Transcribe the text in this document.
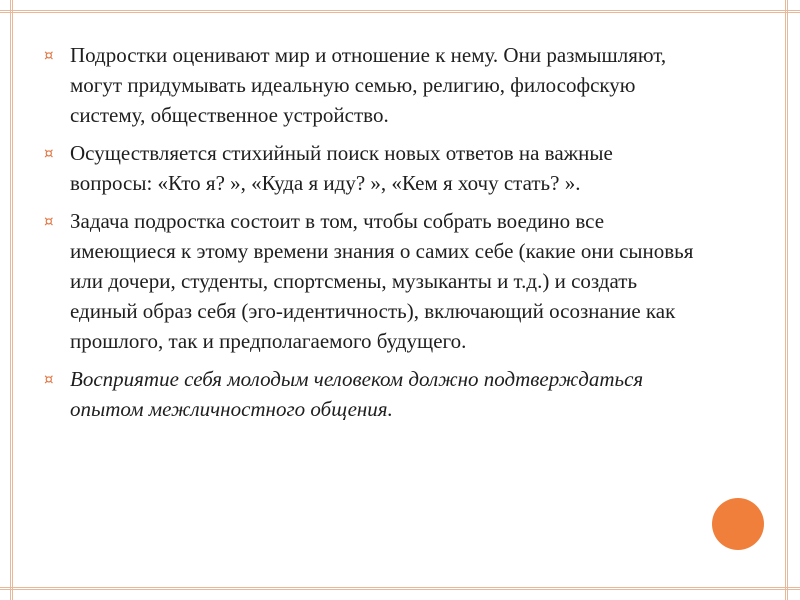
¤ Подростки оценивают мир и отношение к нему. Они размышляют, могут придумывать идеальную семью, религию, философскую систему, общественное устройство.
¤ Осуществляется стихийный поиск новых ответов на важные вопросы: «Кто я? », «Куда я иду? », «Кем я хочу стать? ».
¤ Задача подростка состоит в том, чтобы собрать воедино все имеющиеся к этому времени знания о самих себе (какие они сыновья или дочери, студенты, спортсмены, музыканты и т.д.) и создать единый образ себя (эго-идентичность), включающий осознание как прошлого, так и предполагаемого будущего.
¤ Восприятие себя молодым человеком должно подтверждаться опытом межличностного общения.
